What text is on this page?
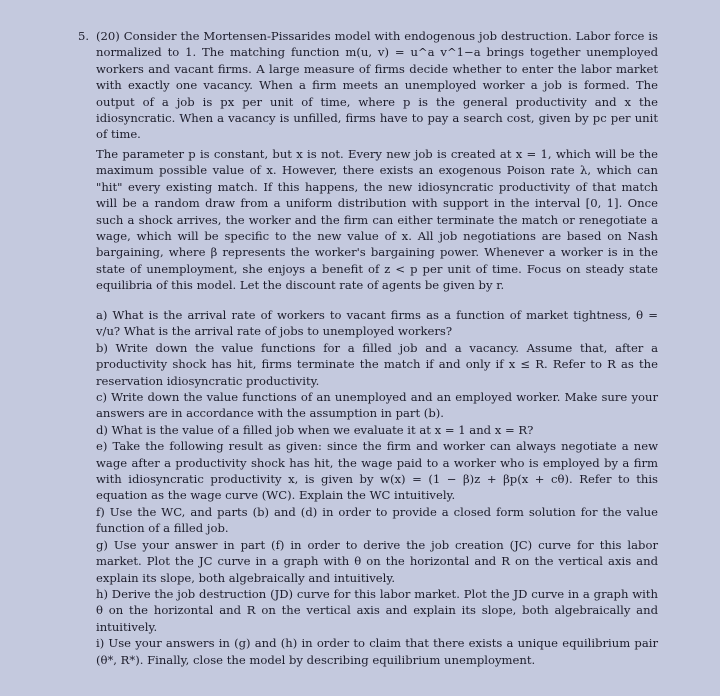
5. (20) Consider the Mortensen-Pissarides model with endogenous job destruction. Labor force is normalized to 1. The matching function m(u, v) = u^a v^1−a brings together unemployed workers and vacant firms. A large measure of firms decide whether to enter the labor market with exactly one vacancy. When a firm meets an unemployed worker a job is formed. The output of a job is px per unit of time, where p is the general productivity and x the idiosyncratic. When a vacancy is unfilled, firms have to pay a search cost, given by pc per unit of time.

The parameter p is constant, but x is not. Every new job is created at x = 1, which will be the maximum possible value of x. However, there exists an exogenous Poison rate λ, which can "hit" every existing match. If this happens, the new idiosyncratic productivity of that match will be a random draw from a uniform distribution with support in the interval [0, 1]. Once such a shock arrives, the worker and the firm can either terminate the match or renegotiate a wage, which will be specific to the new value of x. All job negotiations are based on Nash bargaining, where β represents the worker's bargaining power. Whenever a worker is in the state of unemployment, she enjoys a benefit of z < p per unit of time. Focus on steady state equilibria of this model. Let the discount rate of agents be given by r.

a) What is the arrival rate of workers to vacant firms as a function of market tightness, θ = v/u? What is the arrival rate of jobs to unemployed workers?
b) Write down the value functions for a filled job and a vacancy. Assume that, after a productivity shock has hit, firms terminate the match if and only if x ≤ R. Refer to R as the reservation idiosyncratic productivity.
c) Write down the value functions of an unemployed and an employed worker. Make sure your answers are in accordance with the assumption in part (b).
d) What is the value of a filled job when we evaluate it at x = 1 and x = R?
e) Take the following result as given: since the firm and worker can always negotiate a new wage after a productivity shock has hit, the wage paid to a worker who is employed by a firm with idiosyncratic productivity x, is given by w(x) = (1 − β)z + βp(x + cθ). Refer to this equation as the wage curve (WC). Explain the WC intuitively.
f) Use the WC, and parts (b) and (d) in order to provide a closed form solution for the value function of a filled job.
g) Use your answer in part (f) in order to derive the job creation (JC) curve for this labor market. Plot the JC curve in a graph with θ on the horizontal and R on the vertical axis and explain its slope, both algebraically and intuitively.
h) Derive the job destruction (JD) curve for this labor market. Plot the JD curve in a graph with θ on the horizontal and R on the vertical axis and explain its slope, both algebraically and intuitively.
i) Use your answers in (g) and (h) in order to claim that there exists a unique equilibrium pair (θ*, R*). Finally, close the model by describing equilibrium unemployment.
